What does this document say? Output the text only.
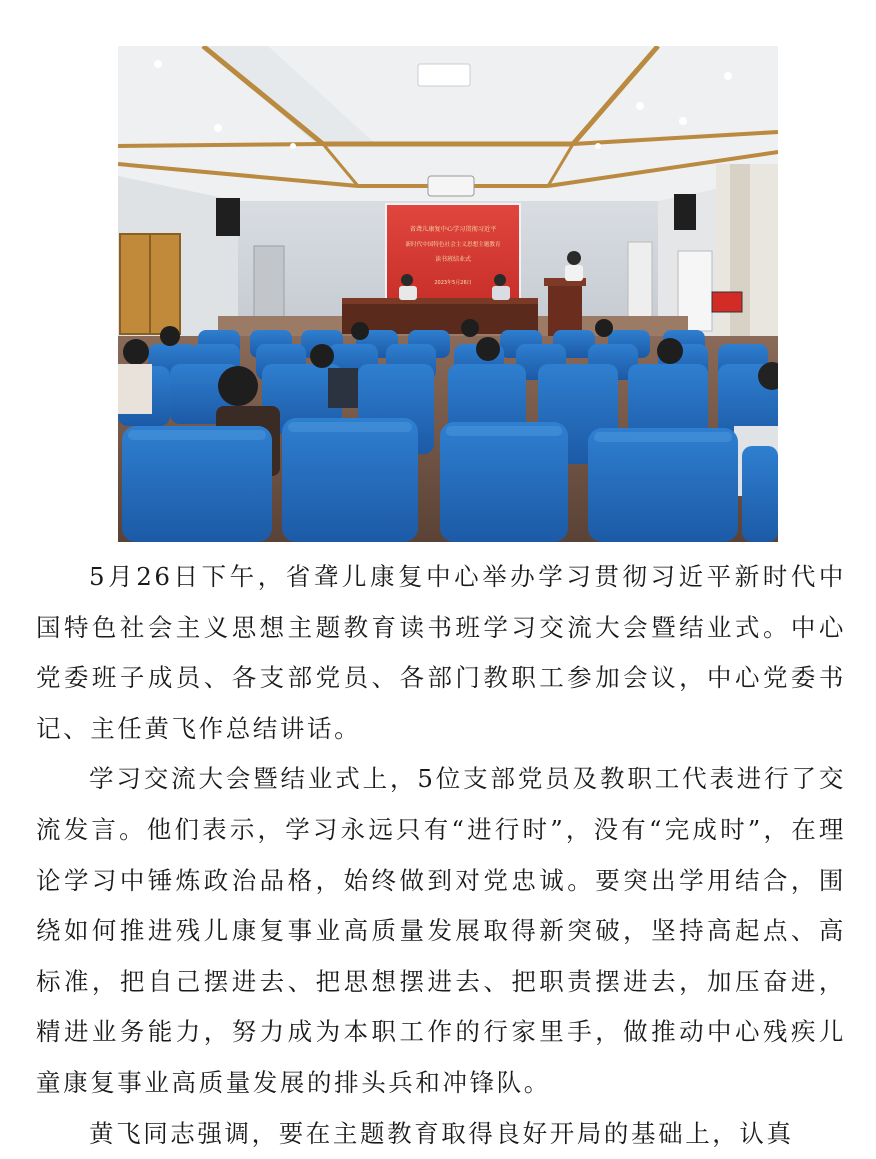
省聋儿康复中心学习贯彻习近平
新时代中国特色社会主义思想主题教育
读书班结业式
2023年5月26日

5月26日下午，省聋儿康复中心举办学习贯彻习近平新时代中国特色社会主义思想主题教育读书班学习交流大会暨结业式。中心党委班子成员、各支部党员、各部门教职工参加会议，中心党委书记、主任黄飞作总结讲话。

学习交流大会暨结业式上，5位支部党员及教职工代表进行了交流发言。他们表示，学习永远只有“进行时”，没有“完成时”，在理论学习中锤炼政治品格，始终做到对党忠诚。要突出学用结合，围绕如何推进残儿康复事业高质量发展取得新突破，坚持高起点、高标准，把自己摆进去、把思想摆进去、把职责摆进去，加压奋进，精进业务能力，努力成为本职工作的行家里手，做推动中心残疾儿童康复事业高质量发展的排头兵和冲锋队。

黄飞同志强调，要在主题教育取得良好开局的基础上，认真
